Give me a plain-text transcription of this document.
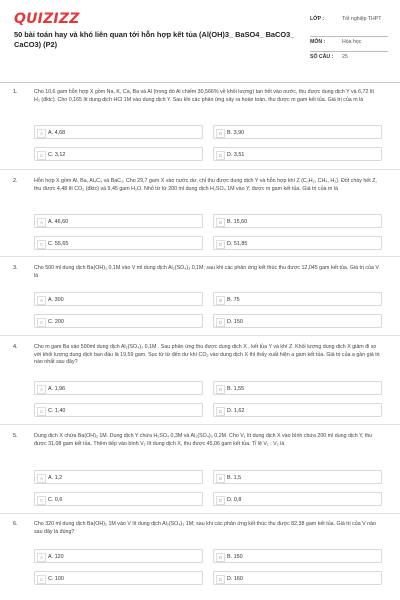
QUIZIZZ
50 bài toán hay và khó liên quan tới hỗn hợp kết tủa (Al(OH)3_ BaSO4_ BaCO3_ CaCO3) (P2)
LỚP :	Tốt nghiệp THPT
MÔN :	Hóa học
SỐ CÂU :	25
1.	Cho 10,6 gam hỗn hợp X gồm Na, K, Ca, Ba và Al (trong đó Al chiếm 30,566% về khối lượng) tan hết vào nước, thu được dung dịch Y và 6,72 lít H₂ (đktc). Cho 0,165 lít dung dịch HCl 1M vào dung dịch Y. Sau khi các phản ứng xảy ra hoàn toàn, thu được m gam kết tủa. Giá trị của m là
A A. 4,68	B B. 3,90
C C. 3,12	D D. 3,51
2.	Hỗn hợp X gồm Al, Ba, Al₄C₃ và BaC₂. Cho 29,7 gam X vào nước dư, chỉ thu được dung dịch Y và hỗn hợp khí Z (C₂H₂, CH₄, H₂). Đốt cháy hết Z, thu được 4,48 lít CO₂ (đktc) và 9,45 gam H₂O. Nhỏ từ từ 200 ml dung dịch H₂SO₄ 1M vào Y, được m gam kết tủa. Giá trị của m là
A A. 46,60	B B. 15,60
C C. 55,65	D D. 51,85
3.	Cho 500 ml dung dịch Ba(OH)₂ 0,1M vào V ml dung dịch Al₂(SO₄)₃ 0,1M; sau khi các phản ứng kết thúc thu được 12,045 gam kết tủa. Giá trị của V là
A A. 300	B B. 75
C C. 200	D D. 150
4.	Cho m gam Ba vào 500ml dung dịch Al₂(SO₄)₃ 0,1M . Sau phản ứng thu được dung dịch X , kết tủa Y và khí Z. Khối lượng dung dịch X giảm đi so với khối lượng dung dịch ban đầu là 19,59 gam. Sục từ từ đến dư khí CO₂ vào dung dịch X thì thấy xuất hiện a gam kết tủa. Giá trị của a gần giá trị nào nhất sau đây?
A A. 1,96	B B. 1,55
C C. 1,40	D D. 1,62
5.	Dung dịch X chứa Ba(OH)₂ 1M. Dung dịch Y chứa H₂SO₄ 0,3M và Al₂(SO₄)₃ 0,2M. Cho V₁ lít dung dịch X vào bình chứa 200 ml dung dịch Y, thu được 31,08 gam kết tủa. Thêm tiếp vào bình V₂ lít dung dịch X, thu được 45,06 gam kết tủa. Tỉ lệ V₁ : V₂ là
A A. 1,2	B B. 1,5
C C. 0,6	D D. 0,8
6.	Cho 320 ml dung dịch Ba(OH)₂ 1M vào V lít dung dịch Al₂(SO₄)₃ 1M; sau khi các phản ứng kết thúc thu được 82,38 gam kết tủa. Giá trị của V nào sau đây là đúng?
A A. 120	B B. 150
C C. 100	D D. 160
